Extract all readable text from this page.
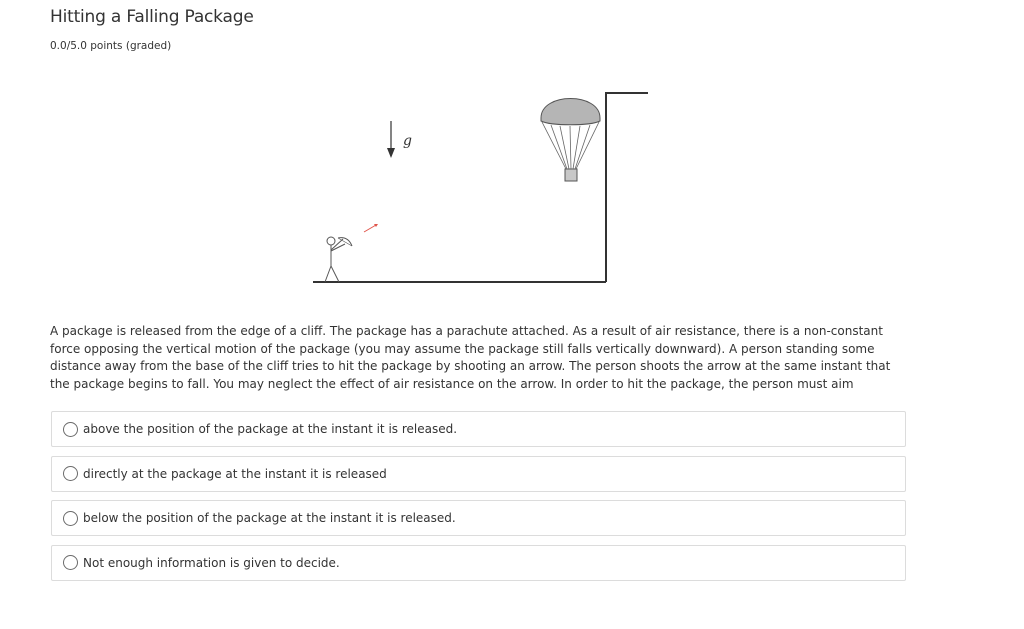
Hitting a Falling Package
0.0/5.0 points (graded)
g
A package is released from the edge of a cliff. The package has a parachute attached. As a result of air resistance, there is a non-constant force opposing the vertical motion of the package (you may assume the package still falls vertically downward). A person standing some distance away from the base of the cliff tries to hit the package by shooting an arrow. The person shoots the arrow at the same instant that the package begins to fall. You may neglect the effect of air resistance on the arrow. In order to hit the package, the person must aim
above the position of the package at the instant it is released.
directly at the package at the instant it is released
below the position of the package at the instant it is released.
Not enough information is given to decide.
